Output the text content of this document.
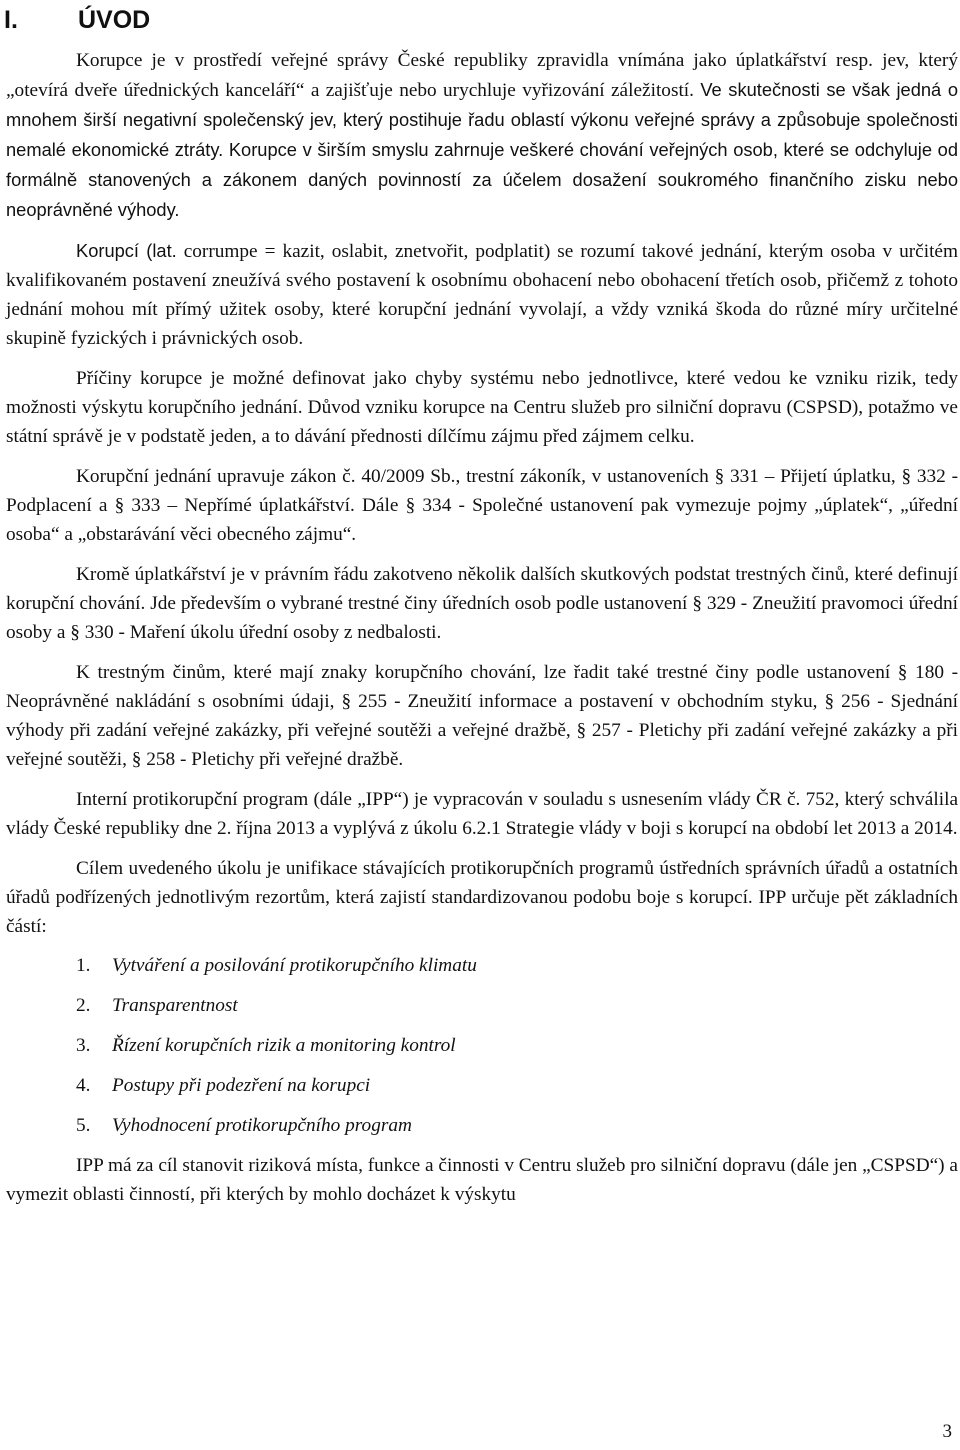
I. ÚVOD

Korupce je v prostředí veřejné správy České republiky zpravidla vnímána jako úplatkářství resp. jev, který „otevírá dveře úřednických kanceláří“ a zajišťuje nebo urychluje vyřizování záležitostí. Ve skutečnosti se však jedná o mnohem širší negativní společenský jev, který postihuje řadu oblastí výkonu veřejné správy a způsobuje společnosti nemalé ekonomické ztráty. Korupce v širším smyslu zahrnuje veškeré chování veřejných osob, které se odchyluje od formálně stanovených a zákonem daných povinností za účelem dosažení soukromého finančního zisku nebo neoprávněné výhody.

Korupcí (lat. corrumpe = kazit, oslabit, znetvořit, podplatit) se rozumí takové jednání, kterým osoba v určitém kvalifikovaném postavení zneužívá svého postavení k osobnímu obohacení nebo obohacení třetích osob, přičemž z tohoto jednání mohou mít přímý užitek osoby, které korupční jednání vyvolají, a vždy vzniká škoda do různé míry určitelné skupině fyzických i právnických osob.

Příčiny korupce je možné definovat jako chyby systému nebo jednotlivce, které vedou ke vzniku rizik, tedy možnosti výskytu korupčního jednání. Důvod vzniku korupce na Centru služeb pro silniční dopravu (CSPSD), potažmo ve státní správě je v podstatě jeden, a to dávání přednosti dílčímu zájmu před zájmem celku.

Korupční jednání upravuje zákon č. 40/2009 Sb., trestní zákoník, v ustanoveních § 331 – Přijetí úplatku, § 332 - Podplacení a § 333 – Nepřímé úplatkářství. Dále § 334 - Společné ustanovení pak vymezuje pojmy „úplatek“, „úřední osoba“ a „obstarávání věci obecného zájmu“.

Kromě úplatkářství je v právním řádu zakotveno několik dalších skutkových podstat trestných činů, které definují korupční chování. Jde především o vybrané trestné činy úředních osob podle ustanovení § 329 - Zneužití pravomoci úřední osoby a § 330 - Maření úkolu úřední osoby z nedbalosti.

K trestným činům, které mají znaky korupčního chování, lze řadit také trestné činy podle ustanovení § 180 - Neoprávněné nakládání s osobními údaji, § 255 - Zneužití informace a postavení v obchodním styku, § 256 - Sjednání výhody při zadání veřejné zakázky, při veřejné soutěži a veřejné dražbě, § 257 - Pletichy při zadání veřejné zakázky a při veřejné soutěži, § 258 - Pletichy při veřejné dražbě.

Interní protikorupční program (dále „IPP“) je vypracován v souladu s usnesením vlády ČR č. 752, který schválila vlády České republiky dne 2. října 2013 a vyplývá z úkolu 6.2.1 Strategie vlády v boji s korupcí na období let 2013 a 2014.

Cílem uvedeného úkolu je unifikace stávajících protikorupčních programů ústředních správních úřadů a ostatních úřadů podřízených jednotlivým rezortům, která zajistí standardizovanou podobu boje s korupcí. IPP určuje pět základních částí:

1. Vytváření a posilování protikorupčního klimatu
2. Transparentnost
3. Řízení korupčních rizik a monitoring kontrol
4. Postupy při podezření na korupci
5. Vyhodnocení protikorupčního program

IPP má za cíl stanovit riziková místa, funkce a činnosti v Centru služeb pro silniční dopravu (dále jen „CSPSD“) a vymezit oblasti činností, při kterých by mohlo docházet k výskytu

3
